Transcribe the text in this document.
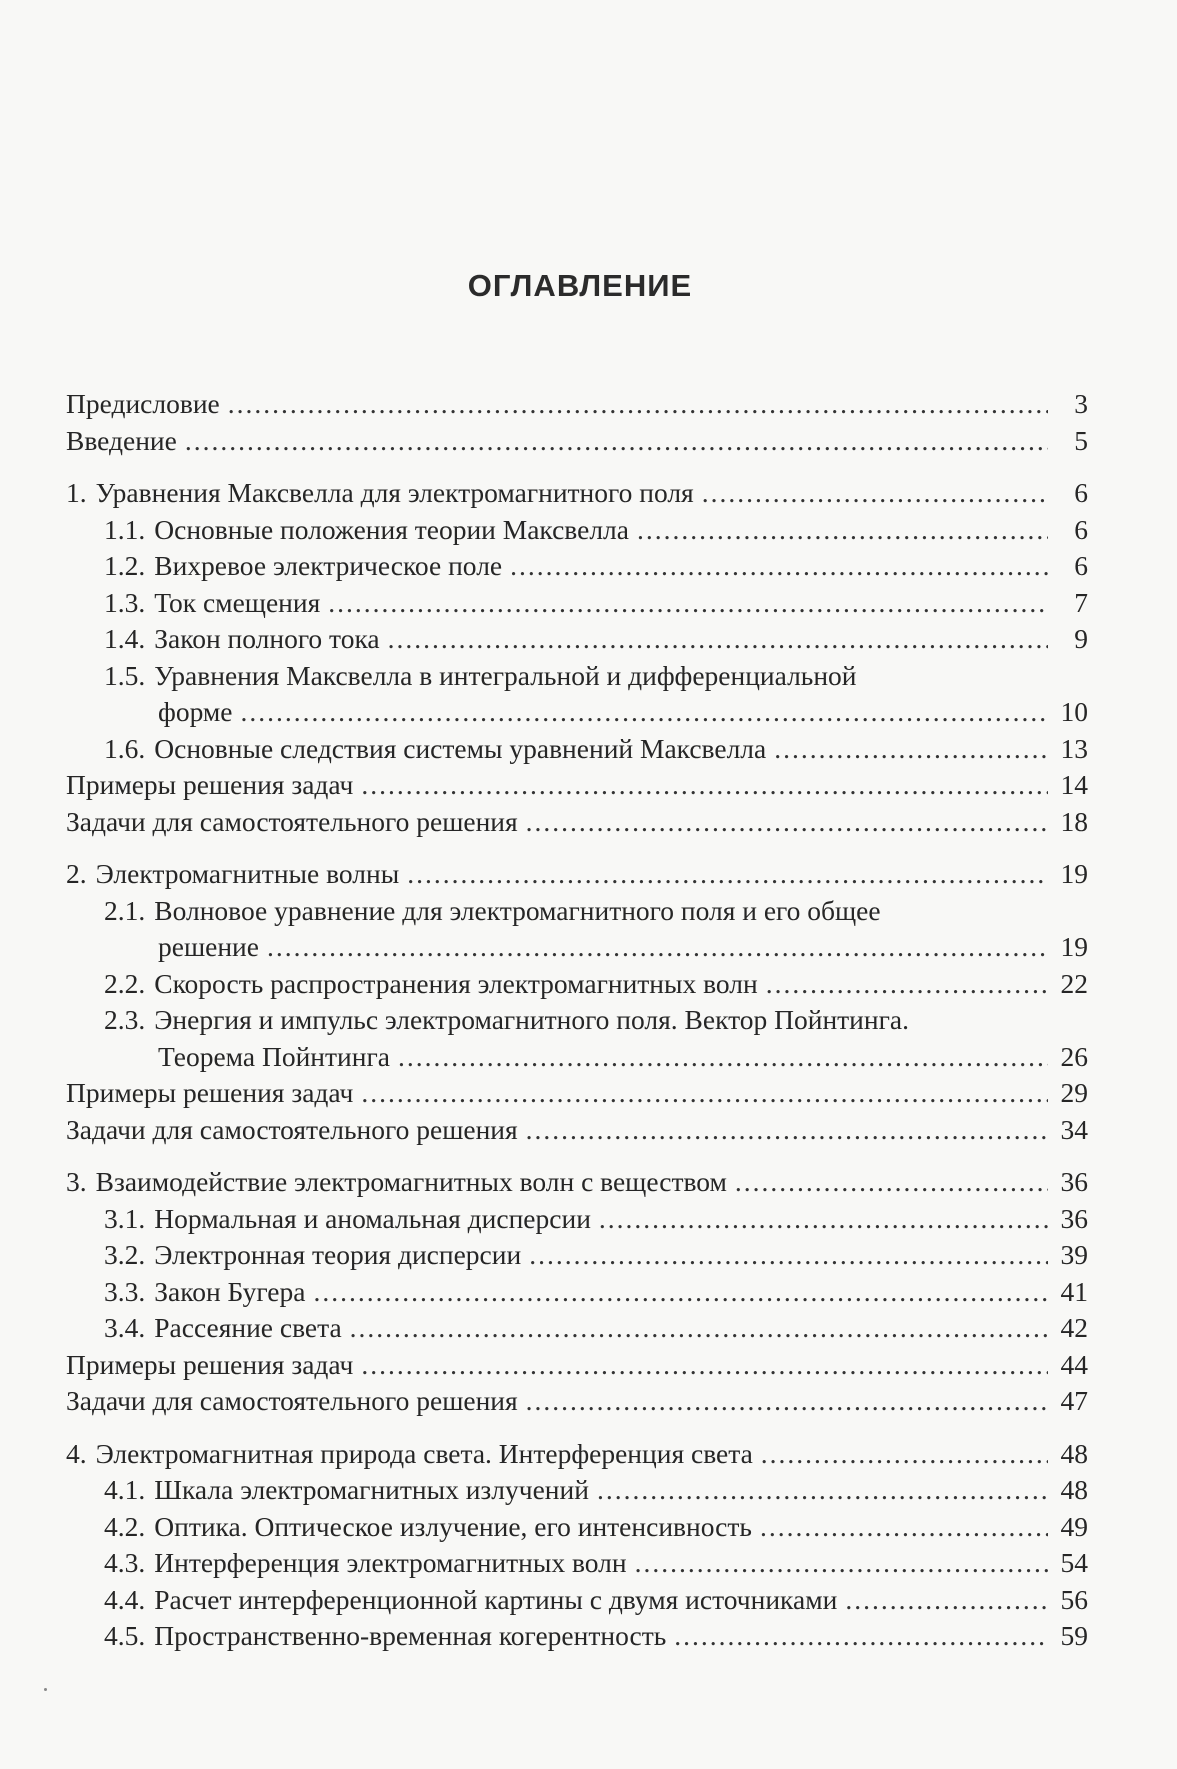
ОГЛАВЛЕНИЕ
Предисловие .....	3
Введение .....	5
1. Уравнения Максвелла для электромагнитного поля .....	6
1.1. Основные положения теории Максвелла .....	6
1.2. Вихревое электрическое поле .....	6
1.3. Ток смещения .....	7
1.4. Закон полного тока .....	9
1.5. Уравнения Максвелла в интегральной и дифференциальной
форме .....	10
1.6. Основные следствия системы уравнений Максвелла .....	13
Примеры решения задач .....	14
Задачи для самостоятельного решения .....	18
2. Электромагнитные волны .....	19
2.1. Волновое уравнение для электромагнитного поля и его общее
решение .....	19
2.2. Скорость распространения электромагнитных волн .....	22
2.3. Энергия и импульс электромагнитного поля. Вектор Пойнтинга.
Теорема Пойнтинга .....	26
Примеры решения задач .....	29
Задачи для самостоятельного решения .....	34
3. Взаимодействие электромагнитных волн с веществом .....	36
3.1. Нормальная и аномальная дисперсии .....	36
3.2. Электронная теория дисперсии .....	39
3.3. Закон Бугера .....	41
3.4. Рассеяние света .....	42
Примеры решения задач .....	44
Задачи для самостоятельного решения .....	47
4. Электромагнитная природа света. Интерференция света .....	48
4.1. Шкала электромагнитных излучений .....	48
4.2. Оптика. Оптическое излучение, его интенсивность .....	49
4.3. Интерференция электромагнитных волн .....	54
4.4. Расчет интерференционной картины с двумя источниками .....	56
4.5. Пространственно-временная когерентность .....	59
